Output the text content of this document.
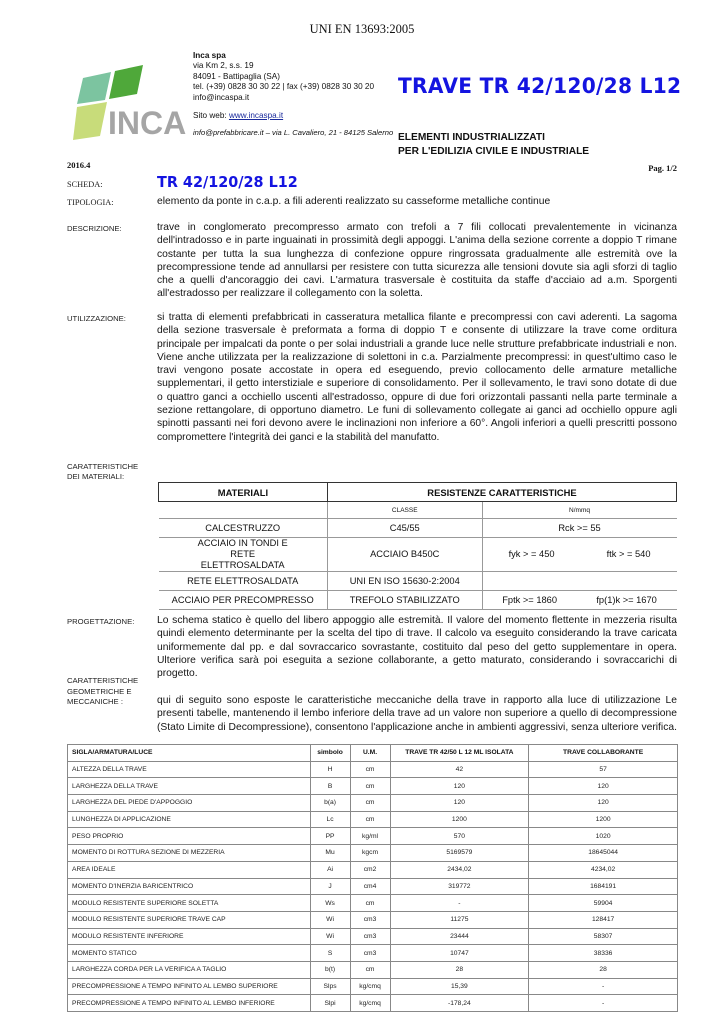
UNI EN 13693:2005
INCA
Inca spa
via Km 2, s.s. 19
84091 - Battipaglia (SA)
tel. (+39) 0828 30 30 22 | fax (+39) 0828 30 30 20
info@incaspa.it
Sito web: www.incaspa.it
info@prefabbricare.it – via L. Cavaliero, 21 - 84125 Salerno
TRAVE TR 42/120/28 L12
ELEMENTI INDUSTRIALIZZATI
PER L'EDILIZIA CIVILE E INDUSTRIALE
2016.4	Pag. 1/2
SCHEDA:	TR 42/120/28 L12
TIPOLOGIA:	elemento da ponte in c.a.p. a fili aderenti realizzato su casseforme metalliche continue
DESCRIZIONE:	trave in conglomerato precompresso armato con trefoli a 7 fili collocati prevalentemente in vicinanza dell'intradosso e in parte inguainati in prossimità degli appoggi. L'anima della sezione corrente a doppio T rimane costante per tutta la sua lunghezza di confezione oppure ringrossata gradualmente alle estremità ove la precompressione tende ad annullarsi per resistere con tutta sicurezza alle tensioni dovute sia agli sforzi di taglio che a quelli d'ancoraggio dei cavi. L'armatura trasversale è costituita da staffe d'acciaio ad a.m. Sporgenti all'estradosso per realizzare il collegamento con la soletta.
UTILIZZAZIONE:	si tratta di elementi prefabbricati in casseratura metallica filante e precompressi con cavi aderenti. La sagoma della sezione trasversale è preformata a forma di doppio T e consente di utilizzare la trave come orditura principale per impalcati da ponte o per solai industriali a grande luce nelle strutture prefabbricate industriali e non. Viene anche utilizzata per la realizzazione di solettoni in c.a. Parzialmente precompressi: in quest'ultimo caso le travi vengono posate accostate in opera ed eseguendo, previo collocamento delle armature metalliche supplementari, il getto interstiziale e superiore di consolidamento. Per il sollevamento, le travi sono dotate di due o quattro ganci a occhiello uscenti all'estradosso, oppure di due fori orizzontali passanti nella parte terminale a sezione rettangolare, di opportuno diametro. Le funi di sollevamento collegate ai ganci ad occhiello oppure agli spinotti passanti nei fori devono avere le inclinazioni non inferiore a 60°. Angoli inferiori a quelli prescritti possono compromettere l'integrità dei ganci e la stabilità del manufatto.
CARATTERISTICHE
DEI MATERIALI:
MATERIALI	RESISTENZE CARATTERISTICHE	
	CLASSE	N/mmq
CALCESTRUZZO	C45/55	Rck >= 55
ACCIAIO IN TONDI E RETE ELETTROSALDATA	ACCIAIO B450C	fyk > = 450 ftk > = 540

RETE ELETTROSALDATA	UNI EN ISO 15630-2:2004	
ACCIAIO PER PRECOMPRESSO	TREFOLO STABILIZZATO	Fptk >= 1860 fp(1)k >= 1670
PROGETTAZIONE: Lo schema statico è quello del libero appoggio alle estremità. Il valore del momento flettente in mezzeria risulta quindi elemento determinante per la scelta del tipo di trave. Il calcolo va eseguito considerando la trave caricata uniformemente dal pp. e dal sovraccarico sovrastante, costituito dal peso del getto supplementare in opera. Ulteriore verifica sarà poi eseguita a sezione collaborante, a getto maturato, considerando i sovraccarichi di progetto.
CARATTERISTICHE
GEOMETRICHE E
MECCANICHE :	qui di seguito sono esposte le caratteristiche meccaniche della trave in rapporto alla luce di utilizzazione Le presenti tabelle, mantenendo il lembo inferiore della trave ad un valore non superiore a quello di decompressione (Stato Limite di Decompressione), consentono l'applicazione anche in ambienti aggressivi, senza ulteriore verifica.
SIGLA/ARMATURA/LUCE	simbolo	U.M.	TRAVE TR 42/50 L 12 ML ISOLATA	TRAVE COLLABORANTE
ALTEZZA DELLA TRAVE	H	cm	42	57
LARGHEZZA DELLA TRAVE	B	cm	120	120
LARGHEZZA DEL PIEDE D'APPOGGIO	b(a)	cm	120	120
LUNGHEZZA DI APPLICAZIONE	Lc	cm	1200	1200
PESO PROPRIO	PP	kg/ml	570	1020
MOMENTO DI ROTTURA SEZIONE DI MEZZERIA	Mu	kgcm	5169579	18645044
AREA IDEALE	Ai	cm2	2434,02	4234,02
MOMENTO D'INERZIA BARICENTRICO	J	cm4	319772	1684191
MODULO RESISTENTE SUPERIORE SOLETTA	Ws	cm	-	59904
MODULO RESISTENTE SUPERIORE TRAVE CAP	Wi	cm3	11275	128417
MODULO RESISTENTE INFERIORE	Wi	cm3	23444	58307
MOMENTO STATICO	S	cm3	10747	38336
LARGHEZZA CORDA PER LA VERIFICA A TAGLIO	b(t)	cm	28	28
PRECOMPRESSIONE A TEMPO INFINITO AL LEMBO SUPERIORE	Slps	kg/cmq	15,39	-
PRECOMPRESSIONE A TEMPO INFINITO AL LEMBO INFERIORE	Slpi	kg/cmq	-178,24	-
